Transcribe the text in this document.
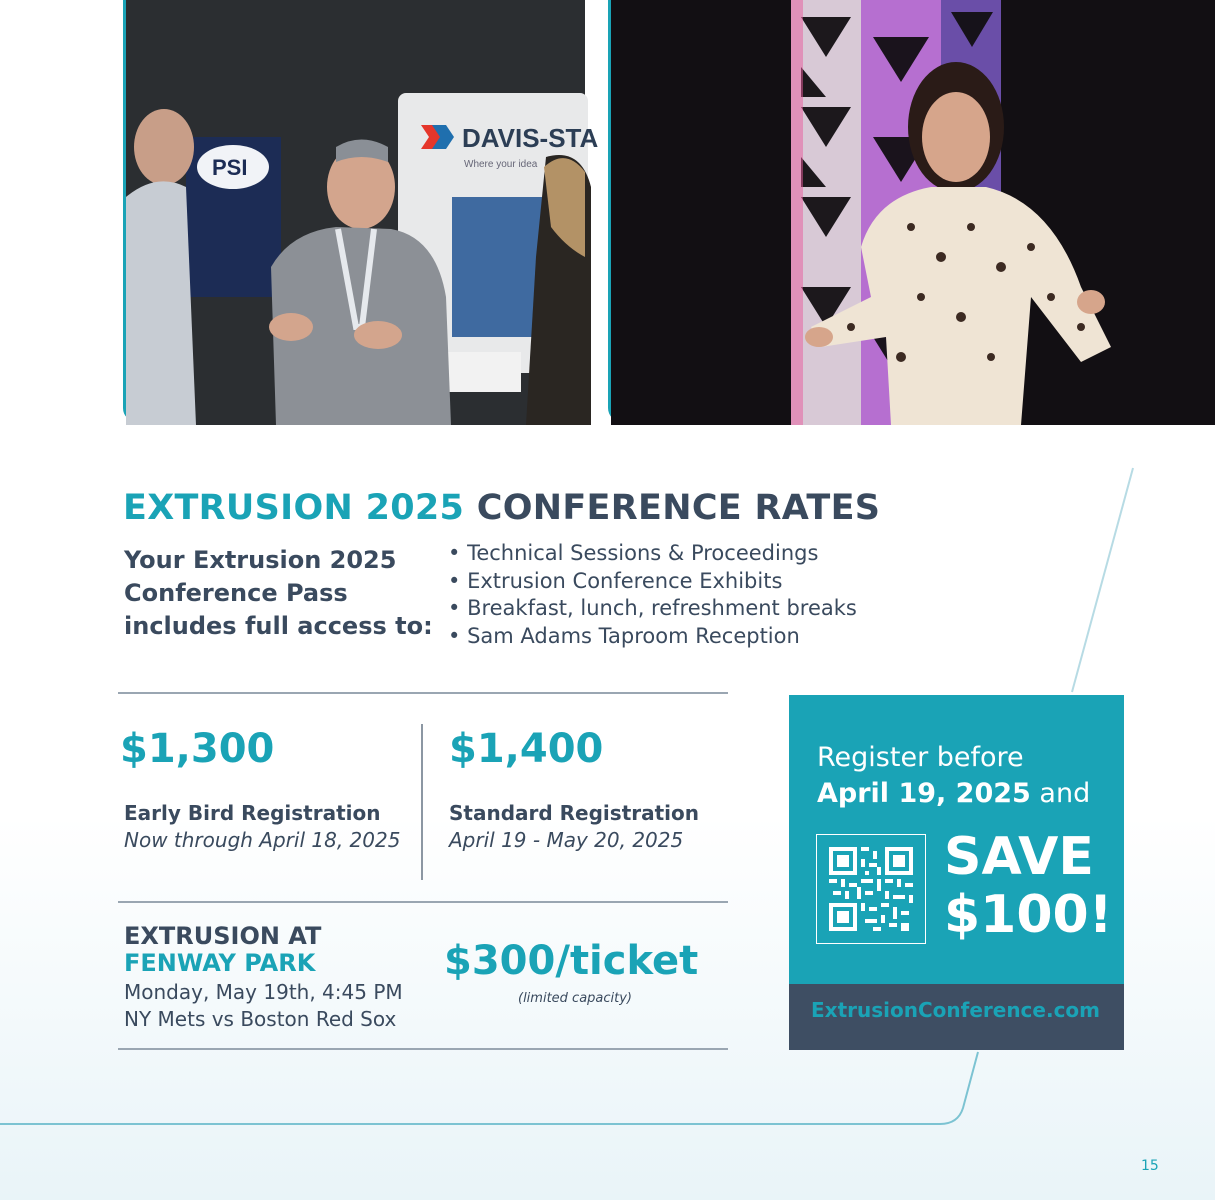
PSI
DAVIS-STA
Where your idea
EXTRUSION 2025 CONFERENCE RATES
Your Extrusion 2025 Conference Pass includes full access to:
• Technical Sessions & Proceedings
• Extrusion Conference Exhibits
• Breakfast, lunch, refreshment breaks
• Sam Adams Taproom Reception
$1,300
Early Bird Registration
Now through April 18, 2025
$1,400
Standard Registration
April 19 - May 20, 2025
EXTRUSION AT
FENWAY PARK
Monday, May 19th, 4:45 PM
NY Mets vs Boston Red Sox
$300/ticket
(limited capacity)
Register before
April 19, 2025 and
SAVE
$100!
ExtrusionConference.com
15
